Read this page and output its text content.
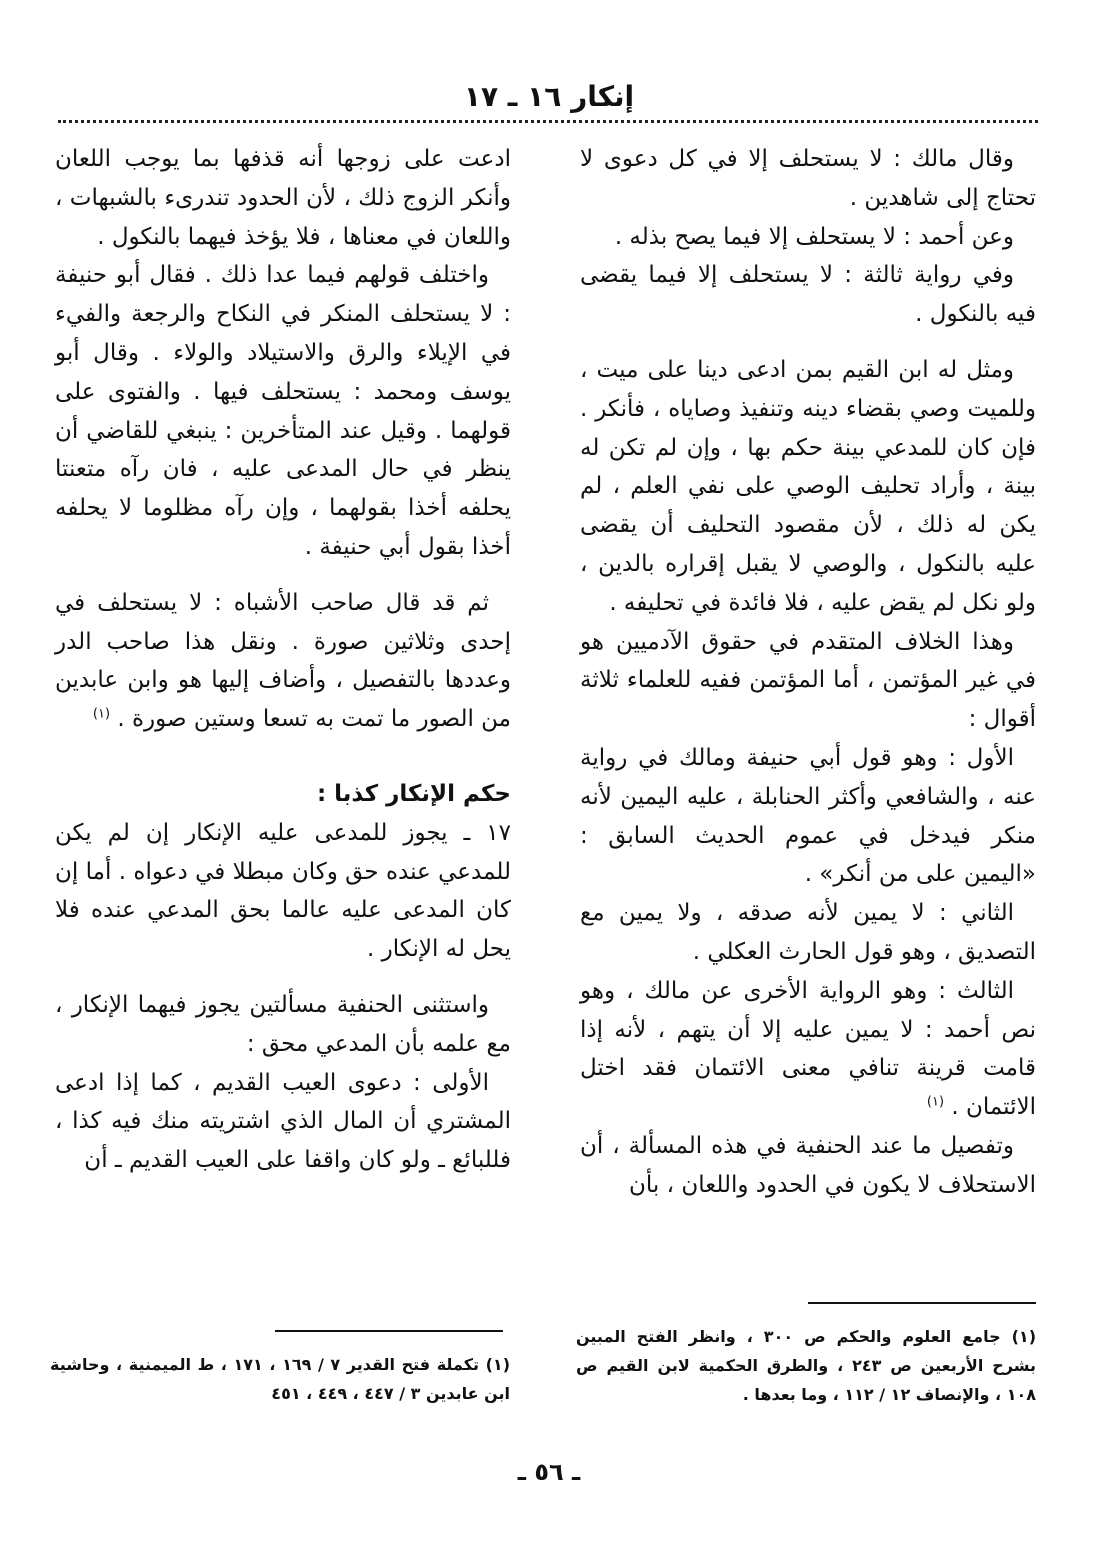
إنكار ١٦ ـ ١٧

وقال مالك : لا يستحلف إلا في كل دعوى لا تحتاج إلى شاهدين .

وعن أحمد : لا يستحلف إلا فيما يصح بذله .

وفي رواية ثالثة : لا يستحلف إلا فيما يقضى فيه بالنكول .

ومثل له ابن القيم بمن ادعى دينا على ميت ، وللميت وصي بقضاء دينه وتنفيذ وصاياه ، فأنكر . فإن كان للمدعي بينة حكم بها ، وإن لم تكن له بينة ، وأراد تحليف الوصي على نفي العلم ، لم يكن له ذلك ، لأن مقصود التحليف أن يقضى عليه بالنكول ، والوصي لا يقبل إقراره بالدين ، ولو نكل لم يقض عليه ، فلا فائدة في تحليفه .

وهذا الخلاف المتقدم في حقوق الآدميين هو في غير المؤتمن ، أما المؤتمن ففيه للعلماء ثلاثة أقوال :

الأول : وهو قول أبي حنيفة ومالك في رواية عنه ، والشافعي وأكثر الحنابلة ، عليه اليمين لأنه منكر فيدخل في عموم الحديث السابق : «اليمين على من أنكر» .

الثاني : لا يمين لأنه صدقه ، ولا يمين مع التصديق ، وهو قول الحارث العكلي .

الثالث : وهو الرواية الأخرى عن مالك ، وهو نص أحمد : لا يمين عليه إلا أن يتهم ، لأنه إذا قامت قرينة تنافي معنى الائتمان فقد اختل الائتمان . $^{(١)}$

وتفصيل ما عند الحنفية في هذه المسألة ، أن الاستحلاف لا يكون في الحدود واللعان ، بأن

ادعت على زوجها أنه قذفها بما يوجب اللعان وأنكر الزوج ذلك ، لأن الحدود تندرىء بالشبهات ، واللعان في معناها ، فلا يؤخذ فيهما بالنكول .

واختلف قولهم فيما عدا ذلك . فقال أبو حنيفة : لا يستحلف المنكر في النكاح والرجعة والفيء في الإيلاء والرق والاستيلاد والولاء . وقال أبو يوسف ومحمد : يستحلف فيها . والفتوى على قولهما . وقيل عند المتأخرين : ينبغي للقاضي أن ينظر في حال المدعى عليه ، فان رآه متعنتا يحلفه أخذا بقولهما ، وإن رآه مظلوما لا يحلفه أخذا بقول أبي حنيفة .

ثم قد قال صاحب الأشباه : لا يستحلف في إحدى وثلاثين صورة . ونقل هذا صاحب الدر وعددها بالتفصيل ، وأضاف إليها هو وابن عابدين من الصور ما تمت به تسعا وستين صورة . $^{(١)}$

حكم الإنكار كذبا :

١٧ ـ يجوز للمدعى عليه الإنكار إن لم يكن للمدعي عنده حق وكان مبطلا في دعواه . أما إن كان المدعى عليه عالما بحق المدعي عنده فلا يحل له الإنكار .

واستثنى الحنفية مسألتين يجوز فيهما الإنكار ، مع علمه بأن المدعي محق :

الأولى : دعوى العيب القديم ، كما إذا ادعى المشتري أن المال الذي اشتريته منك فيه كذا ، فللبائع ـ ولو كان واقفا على العيب القديم ـ أن

(١) جامع العلوم والحكم ص ٣٠٠ ، وانظر الفتح المبين بشرح الأربعين ص ٢٤٣ ، والطرق الحكمية لابن القيم ص ١٠٨ ، والإنصاف ١٢ / ١١٢ ، وما بعدها .
(١) تكملة فتح القدير ٧ / ١٦٩ ، ١٧١ ، ط الميمنية ، وحاشية ابن عابدين ٣ / ٤٤٧ ، ٤٤٩ ، ٤٥١
ـ ٥٦ ـ
